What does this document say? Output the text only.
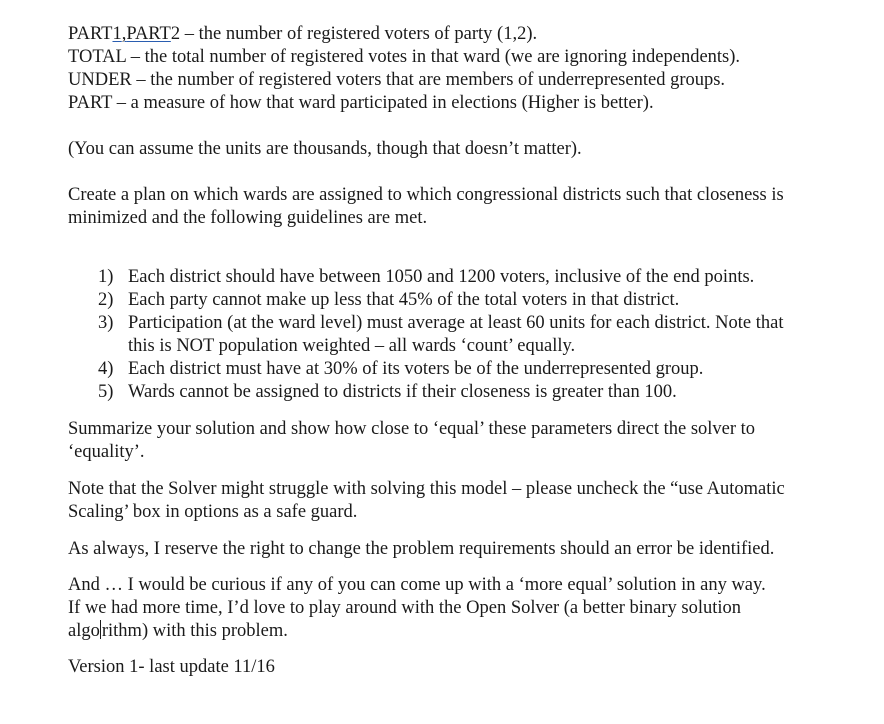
PART1,PART2 – the number of registered voters of party (1,2).
TOTAL – the total number of registered votes in that ward (we are ignoring independents).
UNDER – the number of registered voters that are members of underrepresented groups.
PART – a measure of how that ward participated in elections (Higher is better).
(You can assume the units are thousands, though that doesn’t matter).
Create a plan on which wards are assigned to which congressional districts such that closeness is
minimized and the following guidelines are met.
1) Each district should have between 1050 and 1200 voters, inclusive of the end points.
2) Each party cannot make up less that 45% of the total voters in that district.
3) Participation (at the ward level) must average at least 60 units for each district. Note that
this is NOT population weighted – all wards ‘count’ equally.
4) Each district must have at 30% of its voters be of the underrepresented group.
5) Wards cannot be assigned to districts if their closeness is greater than 100.
Summarize your solution and show how close to ‘equal’ these parameters direct the solver to
‘equality’.
Note that the Solver might struggle with solving this model – please uncheck the “use Automatic
Scaling’ box in options as a safe guard.
As always, I reserve the right to change the problem requirements should an error be identified.
And … I would be curious if any of you can come up with a ‘more equal’ solution in any way.
If we had more time, I’d love to play around with the Open Solver (a better binary solution
algo rithm) with this problem.
Version 1- last update 11/16
